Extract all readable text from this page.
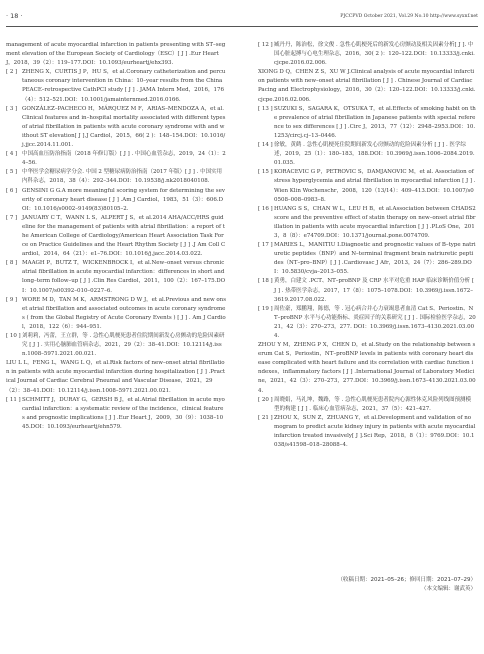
· 18 ·	PJCCPVD October 2021, Vol.29 No.10 http://www.syxnf.net

management of acute myocardial infarction in patients presenting with ST–segment elevation of the European Society of Cardiology（ESC）[ J ] .Eur Heart J，2018，39（2）：119–177.DOI：10.1093/eurheartj/ehx393.

[ 2 ] ZHENG X，CURTIS J P，HU S，et al.Coronary catheterization and percutaneous coronary intervention in China：10–year results from the China PEACE–retrospective CathPCI study [ J ] . JAMA Intern Med，2016，176（4）：512–521.DOI：10.1001/jamainternmed.2016.0166.

[ 3 ] GONZÁLEZ–PACHECO H，MÁRQUEZ M F，ARIAS–MENDOZA A，et al.Clinical features and in–hospital mortality associated with different types of atrial fibrillation in patients with acute coronary syndrome with and without ST elevation[ J ].J Cardiol，2015，66( 2 )：148–154.DOI：10.1016/j.jjcc.2014.11.001.

[ 4 ] 中国高血压防治指南（2018 年修订版）[ J ] . 中国心血管杂志，2019，24（1）：24–56.

[ 5 ] 中华医学会糖尿病学分会. 中国 2 型糖尿病防治指南（2017 年版）[ J ] . 中国实用内科杂志，2018，38（4）：292–344.DOI：10.19538/j.nk2018040108.

[ 6 ] GENSINI G G.A more meaningful scoring system for determining the severity of coronary heart disease [ J ] .Am J Cardiol，1983，51（3）：606.DOI：10.1016/s0002–9149(83)80105–2.

[ 7 ] JANUARY C T，WANN L S，ALPERT J S，et al.2014 AHA/ACC/HRS guideline for the management of patients with atrial fibrillation：a report of the American College of Cardiology/American Heart Association Task Force on Practice Guidelines and the Heart Rhythm Society [ J ] .J Am Coll Cardiol，2014，64（21）：e1–76.DOI：10.1016/j.jacc.2014.03.022.

[ 8 ] MAAGH P，BUTZ T，WICKENBROCK I，et al.New–onset versus chronic atrial fibrillation in acute myocardial infarction：differences in short and long–term follow–up [ J ] .Clin Res Cardiol，2011，100（2）：167–175.DOI：10.1007/s00392–010–0227–6.

[ 9 ] WORE M D，TAN M K，ARMSTRONG D W J，et al.Previous and new onset atrial fibrillation and associated outcomes in acute coronary syndromes ( from the Global Registry of Acute Coronary Events ) [ J ] . Am J Cardiol，2018，122（6）：944–951.

[ 10 ] 刘莉莉，冯蕾，王立群，等 . 急性心肌梗死患者住院期间新发心房颤动的危险因素研究 [ J ] . 实用心脑肺血管病杂志，2021，29（2）：38–41.DOI：10.12114/j.issn.1008–5971.2021.00.021.

LIU L L，FENG L，WANG L Q，et al.Risk factors of new–onset atrial fibrillation in patients with acute myocardial infarction during hospitalization [ J ] .Practical Journal of Cardiac Cerebral Pneumal and Vascular Disease，2021，29（2）：38–41.DOI：10.12114/j.issn.1008–5971.2021.00.021.

[ 11 ] SCHMITT J，DURAY G，GERSH B J，et al.Atrial fibrillation in acute myocardial infarction：a systematic review of the incidence，clinical features and prognostic implications [ J ] .Eur Heart J，2009，30（9）：1038–1045.DOI：10.1093/eurheartj/ehn579.

[ 12 ] 臧丹丹，陈治松，徐文俊 . 急性心肌梗死后的新发心房颤动及相关因素分析[ J ]. 中国心脏起搏与心电生理杂志，2016，30( 2 )：120–122.DOI：10.13333/j.cnki.cjcpe.2016.02.006.

XIONG D Q，CHEN Z S，XU W J.Clinical analysis of acute myocardial infarction patients with new–onset atrial fibrillation [ J ] . Chinese Journal of Cardiac Pacing and Electrophysiology，2016，30（2）：120–122.DOI：10.13333/j.cnki.cjcpe.2016.02.006.

[ 13 ] SUZUKI S，SAGARA K，OTSUKA T，et al.Effects of smoking habit on the prevalence of atrial fibrillation in Japanese patients with special reference to sex differences [ J ] .Circ J，2013，77（12）：2948–2953.DOI：10.1253/circj.cj–13–0446.

[ 14 ] 徐敏，黄鹤 . 急性心肌梗死住院期间新发心房颤动的危险因素分析 [ J ] . 医学综述，2019，25（1）：180–183，188.DOI：10.3969/j.issn.1006–2084.2019.01.035.

[ 15 ] KORACEVIC G P，PETROVIC S，DAMJANOVIC M，et al. Association of stress hyperglycemia and atrial fibrillation in myocardial infarction [ J ] .Wien Klin Wochenschr，2008，120（13/14）：409–413.DOI：10.1007/s00508–008–0983–8.

[ 16 ] HUANG S S，CHAN W L，LEU H B，et al.Association between CHADS2 score and the preventive effect of statin therapy on new–onset atrial fibrillation in patients with acute myocardial infarction [ J ] .PLoS One，2013，8（8）：e74709.DOI：10.1371/journal.pone.0074709.

[ 17 ] MARIES L，MANITIU I.Diagnostic and prognostic values of B–type natriuretic peptides（BNP）and N–terminal fragment brain natriuretic peptides（NT–pro–BNP）[ J ] .Cardiovasc J Afr，2013，24（7）：286–289.DOI：10.5830/cvja–2013–055.

[ 18 ] 黄勇，白建文 .PCT、NT–proBNP 及 CRP 水平对危重 HAP 临床诊断价值分析 [ J ] . 热带医学杂志，2017，17（8）：1075–1078.DOI：10.3969/j.issn.1672–3619.2017.08.022.

[ 19 ] 周佐豪，郑鹏翔，陈德，等 . 冠心病合并心力衰竭患者血清 Cat S、Periostin、NT–proBNP 水平与心功能指标、炎症因子的关系研究 [ J ] . 国际检验医学杂志，2021，42（3）：270–273，277. DOI：10.3969/j.issn.1673–4130.2021.03.004.

ZHOU Y M，ZHENG P X，CHEN D，et al.Study on the relationship between serum Cat S，Periostin，NT–proBNP levels in patients with coronary heart disease complicated with heart failure and its correlation with cardiac function indexes，inflammatory factors [ J ] .International Journal of Laboratory Medicine，2021，42（3）：270–273，277.DOI：10.3969/j.issn.1673–4130.2021.03.004.

[ 20 ] 周晓娟，马礼坤，魏路，等 . 急性心肌梗死患者院内心源性休克风险列线图预测模型的构建 [ J ] . 临床心血管病杂志，2021，37（5）：421–427.

[ 21 ] ZHOU X，SUN Z，ZHUANG Y，et al.Development and validation of nomogram to predict acute kidney injury in patients with acute myocardial infarction treated invasively[ J ].Sci Rep，2018，8（1）：9769.DOI：10.1038/s41598–018–28088–4.

（收稿日期：2021–05–26；修回日期：2021–07–29）
（本文编辑：谢武英）
